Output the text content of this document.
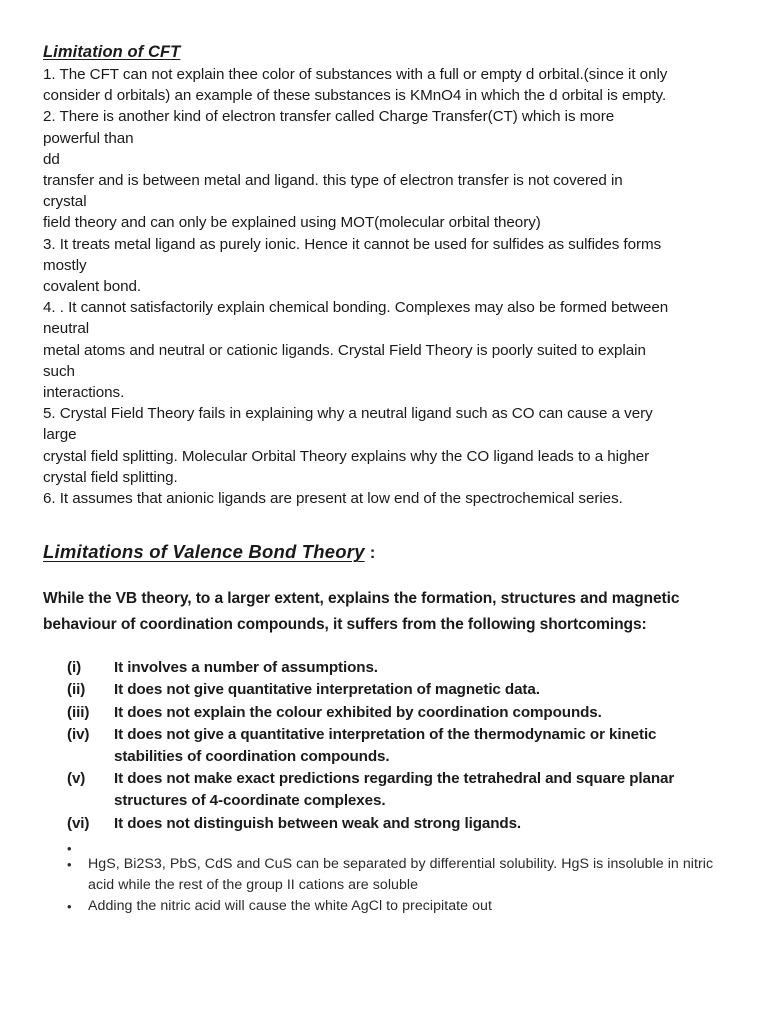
Limitation of CFT

1. The CFT can not explain thee color of substances with a full or empty d orbital.(since it only

consider d orbitals) an example of these substances is KMnO4 in which the d orbital is empty.

2. There is another kind of electron transfer called Charge Transfer(CT) which is more

powerful than

dd

transfer and is between metal and ligand. this type of electron transfer is not covered in

crystal

field theory and can only be explained using MOT(molecular orbital theory)

3. It treats metal ligand as purely ionic. Hence it cannot be used for sulfides as sulfides forms

mostly

covalent bond.

4. . It cannot satisfactorily explain chemical bonding. Complexes may also be formed between

neutral

metal atoms and neutral or cationic ligands. Crystal Field Theory is poorly suited to explain

such

interactions.

5. Crystal Field Theory fails in explaining why a neutral ligand such as CO can cause a very

large

crystal field splitting. Molecular Orbital Theory explains why the CO ligand leads to a higher

crystal field splitting.

6. It assumes that anionic ligands are present at low end of the spectrochemical series.

Limitations of Valence Bond Theory :

While the VB theory, to a larger extent, explains the formation, structures and magnetic behaviour of coordination compounds, it suffers from the following shortcomings:

(i)	It involves a number of assumptions.
(ii)	It does not give quantitative interpretation of magnetic data.
(iii)	It does not explain the colour exhibited by coordination compounds.
(iv)	It does not give a quantitative interpretation of the thermodynamic or kinetic stabilities of coordination compounds.
(v)	It does not make exact predictions regarding the tetrahedral and square planar structures of 4-coordinate complexes.
(vi)	It does not distinguish between weak and strong ligands.
•
•	HgS, Bi2S3, PbS, CdS and CuS can be separated by differential solubility. HgS is insoluble in nitric acid while the rest of the group II cations are soluble
•	Adding the nitric acid will cause the white AgCl to precipitate out
